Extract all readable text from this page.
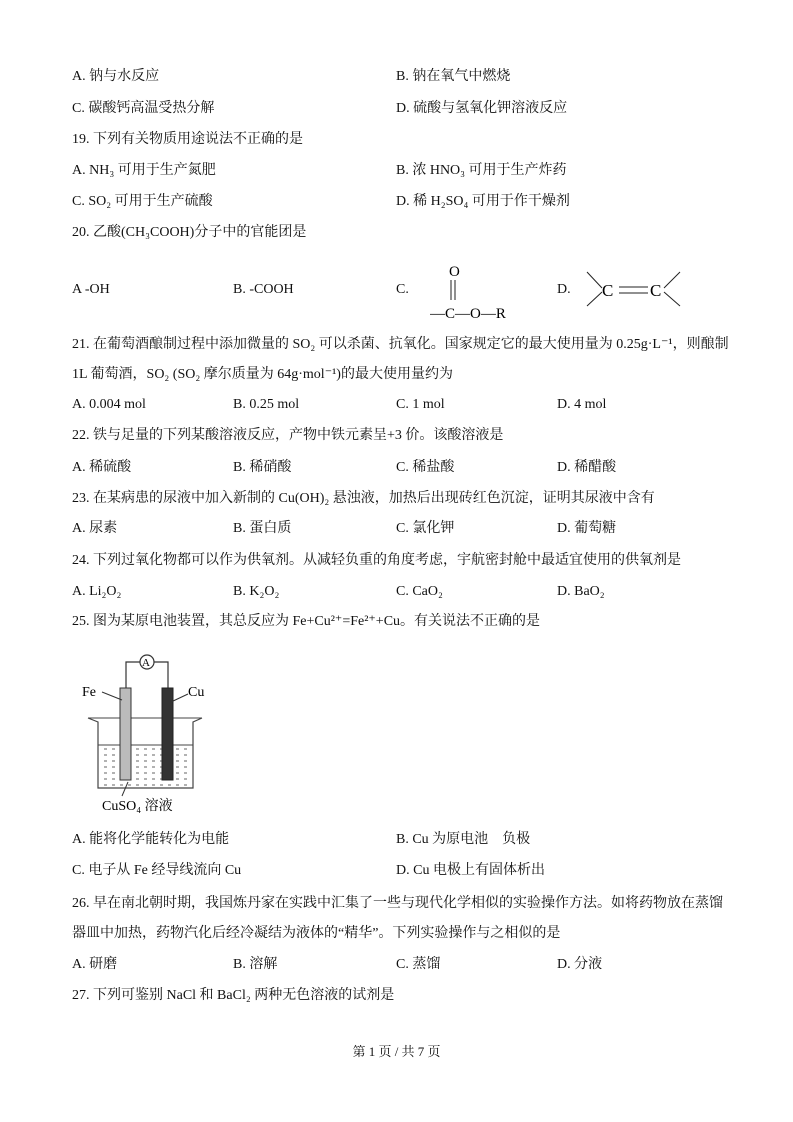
A. 钠与水反应	B. 钠在氧气中燃烧
C. 碳酸钙高温受热分解	D. 硫酸与氢氧化钾溶液反应
19. 下列有关物质用途说法不正确的是
A. NH₃ 可用于生产氮肥	B. 浓 HNO₃ 可用于生产炸药
C. SO₂ 可用于生产硫酸	D. 稀 H₂SO₄ 可用于作干燥剂
20. 乙酸(CH₃COOH)分子中的官能团是
A -OH	B. -COOH	C.
O
—C—O—R
D. C C
21. 在葡萄酒酿制过程中添加微量的 SO₂ 可以杀菌、抗氧化。国家规定它的最大使用量为 0.25g·L⁻¹，则酿制
1L 葡萄酒，SO₂ (SO₂ 摩尔质量为 64g·mol⁻¹)的最大使用量约为
A. 0.004 mol	B. 0.25 mol	C. 1 mol	D. 4 mol
22. 铁与足量的下列某酸溶液反应，产物中铁元素呈+3 价。该酸溶液是
A. 稀硫酸	B. 稀硝酸	C. 稀盐酸	D. 稀醋酸
23. 在某病患的尿液中加入新制的 Cu(OH)₂ 悬浊液，加热后出现砖红色沉淀，证明其尿液中含有
A. 尿素	B. 蛋白质	C. 氯化钾	D. 葡萄糖
24. 下列过氧化物都可以作为供氧剂。从减轻负重的角度考虑，宇航密封舱中最适宜使用的供氧剂是
A. Li₂O₂	B. K₂O₂	C. CaO₂	D. BaO₂
25. 图为某原电池装置，其总反应为 Fe+Cu²⁺=Fe²⁺+Cu。有关说法不正确的是
A
Fe	Cu
CuSO₄ 溶液
A. 能将化学能转化为电能	B. Cu 为原电池　负极
C. 电子从 Fe 经导线流向 Cu	D. Cu 电极上有固体析出
26. 早在南北朝时期，我国炼丹家在实践中汇集了一些与现代化学相似的实验操作方法。如将药物放在蒸馏
器皿中加热，药物汽化后经冷凝结为液体的“精华”。下列实验操作与之相似的是
A. 研磨	B. 溶解	C. 蒸馏	D. 分液
27. 下列可鉴别 NaCl 和 BaCl₂ 两种无色溶液的试剂是
第 1 页 / 共 7 页
